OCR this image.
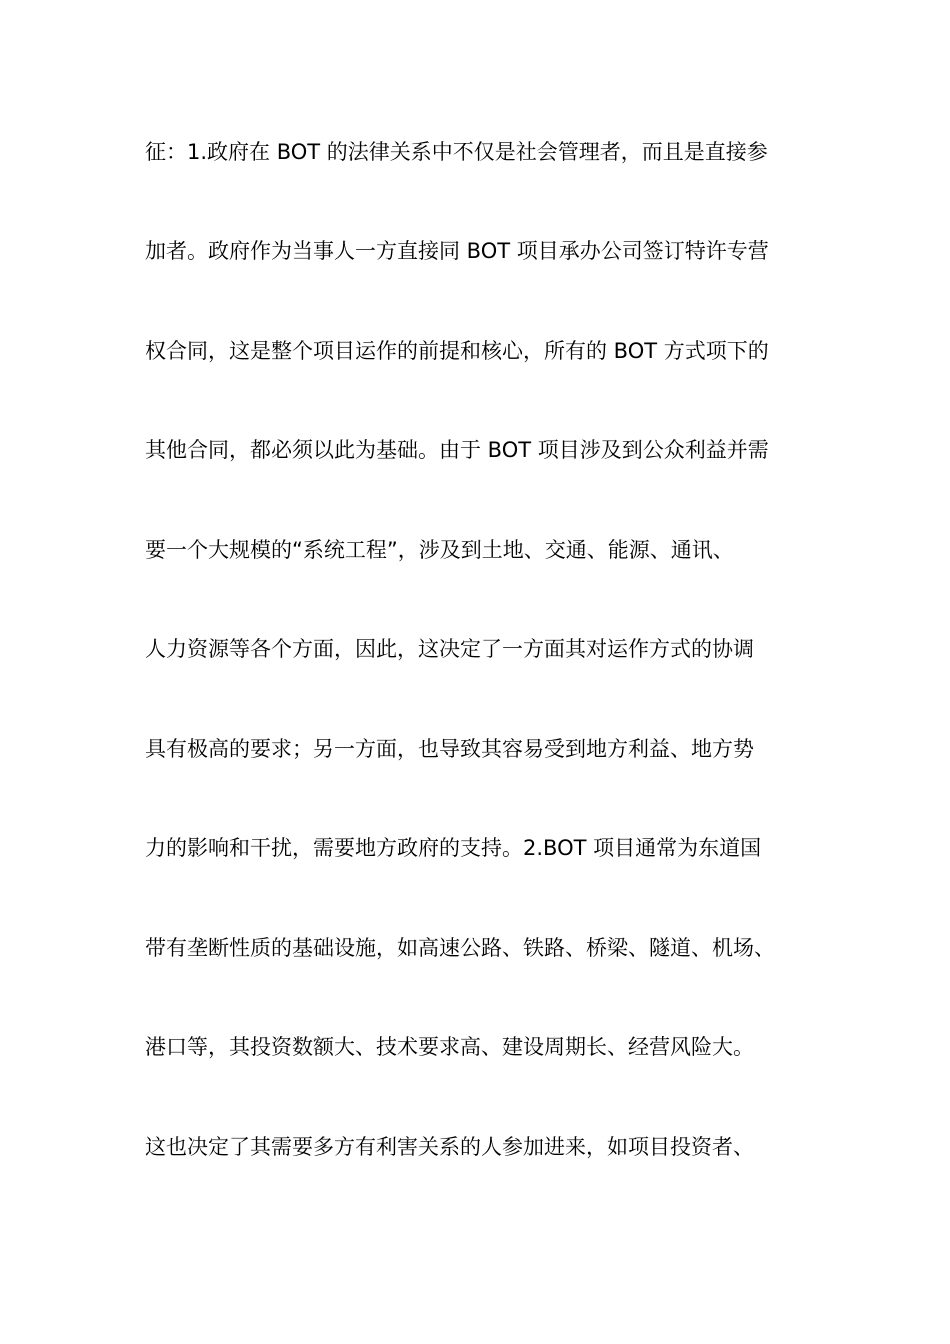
征：1.政府在 BOT 的法律关系中不仅是社会管理者，而且是直接参
加者。政府作为当事人一方直接同 BOT 项目承办公司签订特许专营
权合同，这是整个项目运作的前提和核心，所有的 BOT 方式项下的
其他合同，都必须以此为基础。由于 BOT 项目涉及到公众利益并需
要一个大规模的“系统工程”，涉及到土地、交通、能源、通讯、
人力资源等各个方面，因此，这决定了一方面其对运作方式的协调
具有极高的要求；另一方面，也导致其容易受到地方利益、地方势
力的影响和干扰，需要地方政府的支持。2.BOT 项目通常为东道国
带有垄断性质的基础设施，如高速公路、铁路、桥梁、隧道、机场、
港口等，其投资数额大、技术要求高、建设周期长、经营风险大。
这也决定了其需要多方有利害关系的人参加进来，如项目投资者、
